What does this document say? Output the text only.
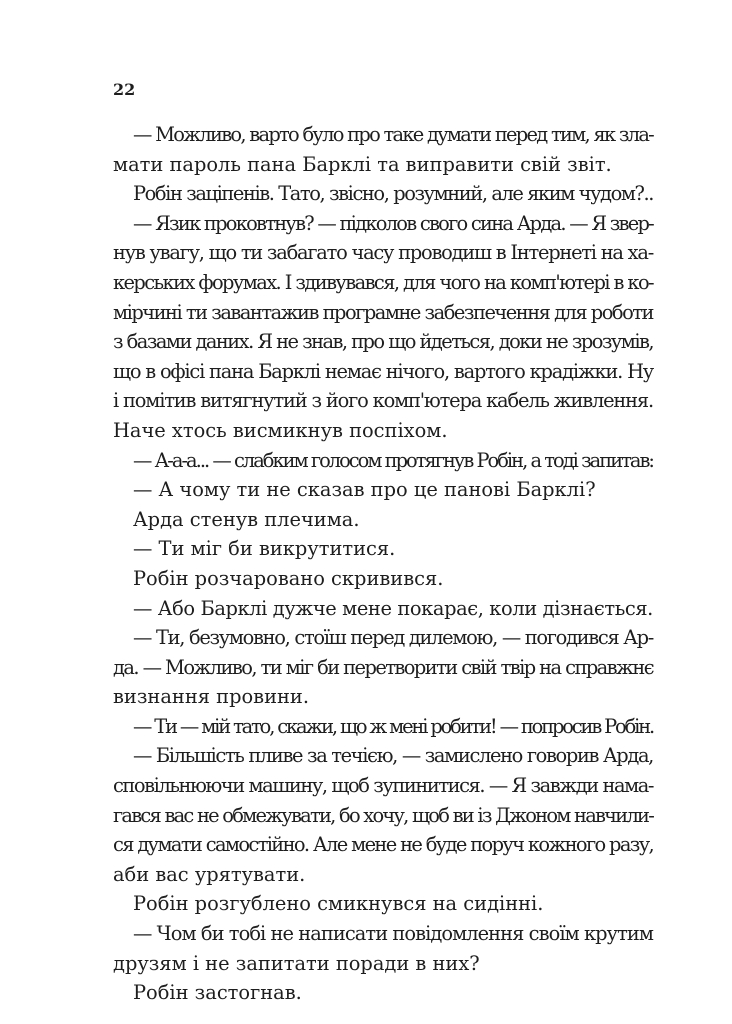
22
— Можливо, варто було про таке думати перед тим, як зла-
мати пароль пана Барклі та виправити свій звіт.
Робін заціпенів. Тато, звісно, розумний, але яким чудом?..
— Язик проковтнув? — підколов свого сина Арда. — Я звер-
нув увагу, що ти забагато часу проводиш в Інтернеті на ха-
керських форумах. І здивувався, для чого на комп'ютері в ко-
мірчині ти завантажив програмне забезпечення для роботи
з базами даних. Я не знав, про що йдеться, доки не зрозумів,
що в офісі пана Барклі немає нічого, вартого крадіжки. Ну
і помітив витягнутий з його комп'ютера кабель живлення.
Наче хтось висмикнув поспіхом.
— А-а-а... — слабким голосом протягнув Робін, а тоді запитав:
— А чому ти не сказав про це панові Барклі?
Арда стенув плечима.
— Ти міг би викрутитися.
Робін розчаровано скривився.
— Або Барклі дужче мене покарає, коли дізнається.
— Ти, безумовно, стоїш перед дилемою, — погодився Ар-
да. — Можливо, ти міг би перетворити свій твір на справжнє
визнання провини.
— Ти — мій тато, скажи, що ж мені робити! — попросив Робін.
— Більшість пливе за течією, — замислено говорив Арда,
сповільнюючи машину, щоб зупинитися. — Я завжди нама-
гався вас не обмежувати, бо хочу, щоб ви із Джоном навчили-
ся думати самостійно. Але мене не буде поруч кожного разу,
аби вас урятувати.
Робін розгублено смикнувся на сидінні.
— Чом би тобі не написати повідомлення своїм крутим
друзям і не запитати поради в них?
Робін застогнав.
